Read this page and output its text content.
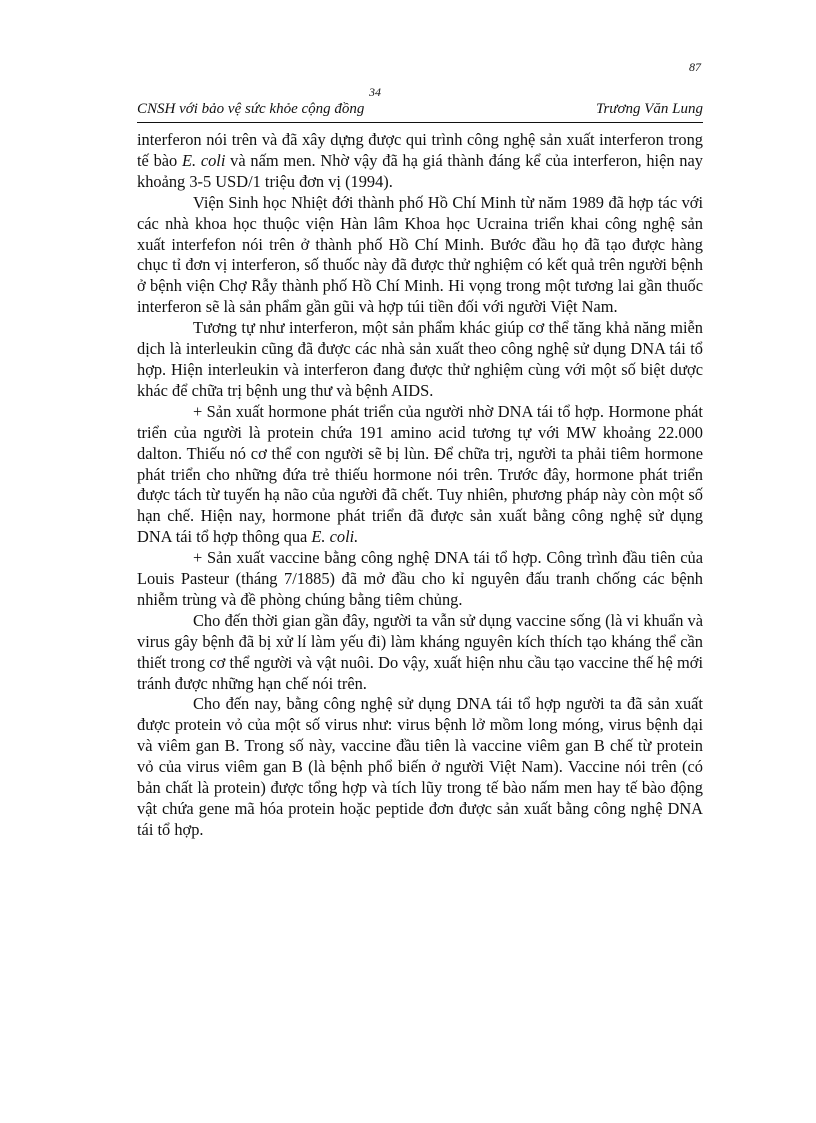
87
34
CNSH với bảo vệ sức khỏe cộng đồng	Trương Văn Lung

interferon nói trên và đã xây dựng được qui trình công nghệ sản xuất interferon trong tế bào E. coli và nấm men. Nhờ vậy đã hạ giá thành đáng kể của interferon, hiện nay khoảng 3-5 USD/1 triệu đơn vị (1994).

Viện Sinh học Nhiệt đới thành phố Hồ Chí Minh từ năm 1989 đã hợp tác với các nhà khoa học thuộc viện Hàn lâm Khoa học Ucraina triển khai công nghệ sản xuất interfefon nói trên ở thành phố Hồ Chí Minh. Bước đầu họ đã tạo được hàng chục tỉ đơn vị interferon, số thuốc này đã được thử nghiệm có kết quả trên người bệnh ở bệnh viện Chợ Rẫy thành phố Hồ Chí Minh. Hi vọng trong một tương lai gần thuốc interferon sẽ là sản phẩm gần gũi và hợp túi tiền đối với người Việt Nam.

Tương tự như interferon, một sản phẩm khác giúp cơ thể tăng khả năng miễn dịch là interleukin cũng đã được các nhà sản xuất theo công nghệ sử dụng DNA tái tổ hợp. Hiện interleukin và interferon đang được thử nghiệm cùng với một số biệt dược khác để chữa trị bệnh ung thư và bệnh AIDS.

+ Sản xuất hormone phát triển của người nhờ DNA tái tổ hợp. Hormone phát triển của người là protein chứa 191 amino acid tương tự với MW khoảng 22.000 dalton. Thiếu nó cơ thể con người sẽ bị lùn. Để chữa trị, người ta phải tiêm hormone phát triển cho những đứa trẻ thiếu hormone nói trên. Trước đây, hormone phát triển được tách từ tuyến hạ não của người đã chết. Tuy nhiên, phương pháp này còn một số hạn chế. Hiện nay, hormone phát triển đã được sản xuất bằng công nghệ sử dụng DNA tái tổ hợp thông qua E. coli.

+ Sản xuất vaccine bằng công nghệ DNA tái tổ hợp. Công trình đầu tiên của Louis Pasteur (tháng 7/1885) đã mở đầu cho kỉ nguyên đấu tranh chống các bệnh nhiễm trùng và đề phòng chúng bằng tiêm chủng.

Cho đến thời gian gần đây, người ta vẫn sử dụng vaccine sống (là vi khuẩn và virus gây bệnh đã bị xử lí làm yếu đi) làm kháng nguyên kích thích tạo kháng thể cần thiết trong cơ thể người và vật nuôi. Do vậy, xuất hiện nhu cầu tạo vaccine thế hệ mới tránh được những hạn chế nói trên.

Cho đến nay, bằng công nghệ sử dụng DNA tái tổ hợp người ta đã sản xuất được protein vỏ của một số virus như: virus bệnh lở mồm long móng, virus bệnh dại và viêm gan B. Trong số này, vaccine đầu tiên là vaccine viêm gan B chế từ protein vỏ của virus viêm gan B (là bệnh phổ biến ở người Việt Nam). Vaccine nói trên (có bản chất là protein) được tổng hợp và tích lũy trong tế bào nấm men hay tế bào động vật chứa gene mã hóa protein hoặc peptide đơn được sản xuất bằng công nghệ DNA tái tổ hợp.
